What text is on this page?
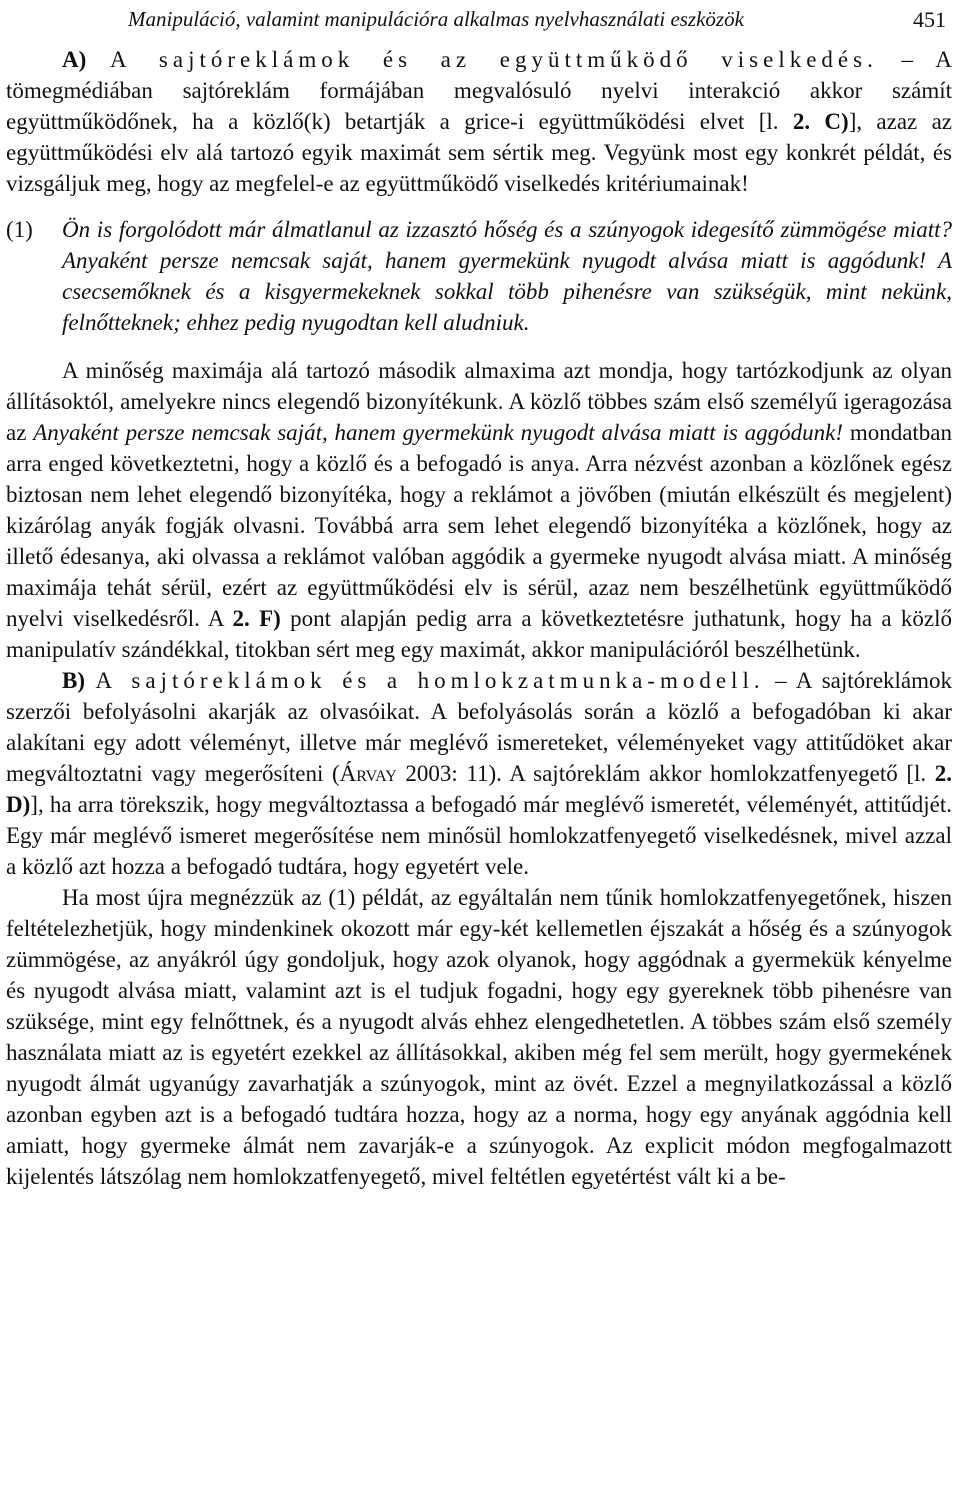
Manipuláció, valamint manipulációra alkalmas nyelvhasználati eszközök	451

A) A sajtóreklámok és az együttműködő viselkedés. – A tömegmédiában sajtóreklám formájában megvalósuló nyelvi interakció akkor számít együttműködőnek, ha a közlő(k) betartják a grice-i együttműködési elvet [l. 2. C)], azaz az együttműködési elv alá tartozó egyik maximát sem sértik meg. Vegyünk most egy konkrét példát, és vizsgáljuk meg, hogy az megfelel-e az együttműködő viselkedés kritériumainak!

(1)	Ön is forgolódott már álmatlanul az izzasztó hőség és a szúnyogok idegesítő zümmögése miatt? Anyaként persze nemcsak saját, hanem gyermekünk nyugodt alvása miatt is aggódunk! A csecsemőknek és a kisgyermekeknek sokkal több pihenésre van szükségük, mint nekünk, felnőtteknek; ehhez pedig nyugodtan kell aludniuk.

A minőség maximája alá tartozó második almaxima azt mondja, hogy tartózkodjunk az olyan állításoktól, amelyekre nincs elegendő bizonyítékunk. A közlő többes szám első személyű igeragozása az Anyaként persze nemcsak saját, hanem gyermekünk nyugodt alvása miatt is aggódunk! mondatban arra enged következtetni, hogy a közlő és a befogadó is anya. Arra nézvést azonban a közlőnek egész biztosan nem lehet elegendő bizonyítéka, hogy a reklámot a jövőben (miután elkészült és megjelent) kizárólag anyák fogják olvasni. Továbbá arra sem lehet elegendő bizonyítéka a közlőnek, hogy az illető édesanya, aki olvassa a reklámot valóban aggódik a gyermeke nyugodt alvása miatt. A minőség maximája tehát sérül, ezért az együttműködési elv is sérül, azaz nem beszélhetünk együttműködő nyelvi viselkedésről. A 2. F) pont alapján pedig arra a következtetésre juthatunk, hogy ha a közlő manipulatív szándékkal, titokban sért meg egy maximát, akkor manipulációról beszélhetünk.

B) A sajtóreklámok és a homlokzatmunka-modell. – A sajtóreklámok szerzői befolyásolni akarják az olvasóikat. A befolyásolás során a közlő a befogadóban ki akar alakítani egy adott véleményt, illetve már meglévő ismereteket, véleményeket vagy attitűdöket akar megváltoztatni vagy megerősíteni (Árvay 2003: 11). A sajtóreklám akkor homlokzatfenyegető [l. 2. D)], ha arra törekszik, hogy megváltoztassa a befogadó már meglévő ismeretét, véleményét, attitűdjét. Egy már meglévő ismeret megerősítése nem minősül homlokzatfenyegető viselkedésnek, mivel azzal a közlő azt hozza a befogadó tudtára, hogy egyetért vele.

Ha most újra megnézzük az (1) példát, az egyáltalán nem tűnik homlokzatfenyegetőnek, hiszen feltételezhetjük, hogy mindenkinek okozott már egy-két kellemetlen éjszakát a hőség és a szúnyogok zümmögése, az anyákról úgy gondoljuk, hogy azok olyanok, hogy aggódnak a gyermekük kényelme és nyugodt alvása miatt, valamint azt is el tudjuk fogadni, hogy egy gyereknek több pihenésre van szüksége, mint egy felnőttnek, és a nyugodt alvás ehhez elengedhetetlen. A többes szám első személy használata miatt az is egyetért ezekkel az állításokkal, akiben még fel sem merült, hogy gyermekének nyugodt álmát ugyanúgy zavarhatják a szúnyogok, mint az övét. Ezzel a megnyilatkozással a közlő azonban egyben azt is a befogadó tudtára hozza, hogy az a norma, hogy egy anyának aggódnia kell amiatt, hogy gyermeke álmát nem zavarják-e a szúnyogok. Az explicit módon megfogalmazott kijelentés látszólag nem homlokzatfenyegető, mivel feltétlen egyetértést vált ki a be-
